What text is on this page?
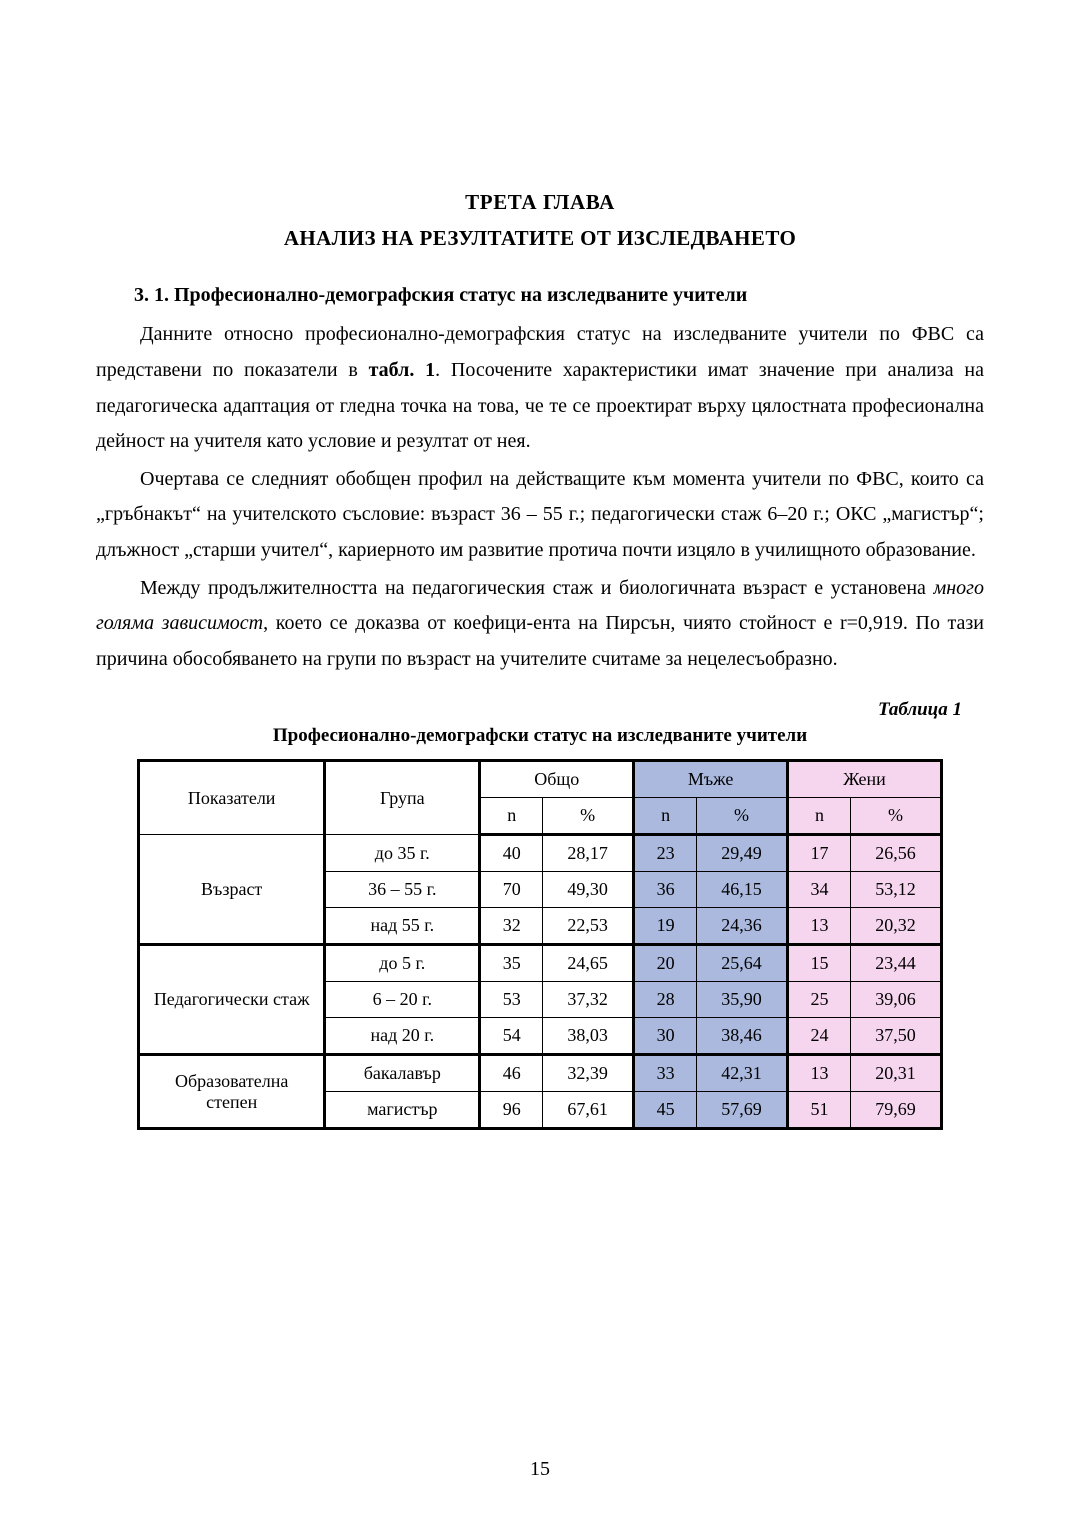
ТРЕТА ГЛАВА
АНАЛИЗ НА РЕЗУЛТАТИТЕ ОТ ИЗСЛЕДВАНЕТО
3. 1. Професионално-демографския статус на изследваните учители

Данните относно професионално-демографския статус на изследваните учители по ФВС са представени по показатели в табл. 1. Посочените характеристики имат значение при анализа на педагогическа адаптация от гледна точка на това, че те се проектират върху цялостната професионална дейност на учителя като условие и резултат от нея.

Очертава се следният обобщен профил на действащите към момента учители по ФВС, които са „гръбнакът“ на учителското съсловие: възраст 36 – 55 г.; педагогически стаж 6–20 г.; ОКС „магистър“; длъжност „старши учител“, кариерното им развитие протича почти изцяло в училищното образование.

Между продължителността на педагогическия стаж и биологичната възраст е установена много голяма зависимост, което се доказва от коефици-ента на Пирсън, чиято стойност е r=0,919. По тази причина обособяването на групи по възраст на учителите считаме за нецелесъобразно.

Таблица 1
Професионално-демографски статус на изследваните учители
Показатели	Група	Общо		Мъже		Жени	
		n	%	n	%	n	%
Възраст	до 35 г.	40	28,17	23	29,49	17	26,56
	36 – 55 г.	70	49,30	36	46,15	34	53,12
	над 55 г.	32	22,53	19	24,36	13	20,32
Педагогически стаж	до 5 г.	35	24,65	20	25,64	15	23,44
	6 – 20 г.	53	37,32	28	35,90	25	39,06
	над 20 г.	54	38,03	30	38,46	24	37,50
Образователна степен	бакалавър	46	32,39	33	42,31	13	20,31
	магистър	96	67,61	45	57,69	51	79,69
15
